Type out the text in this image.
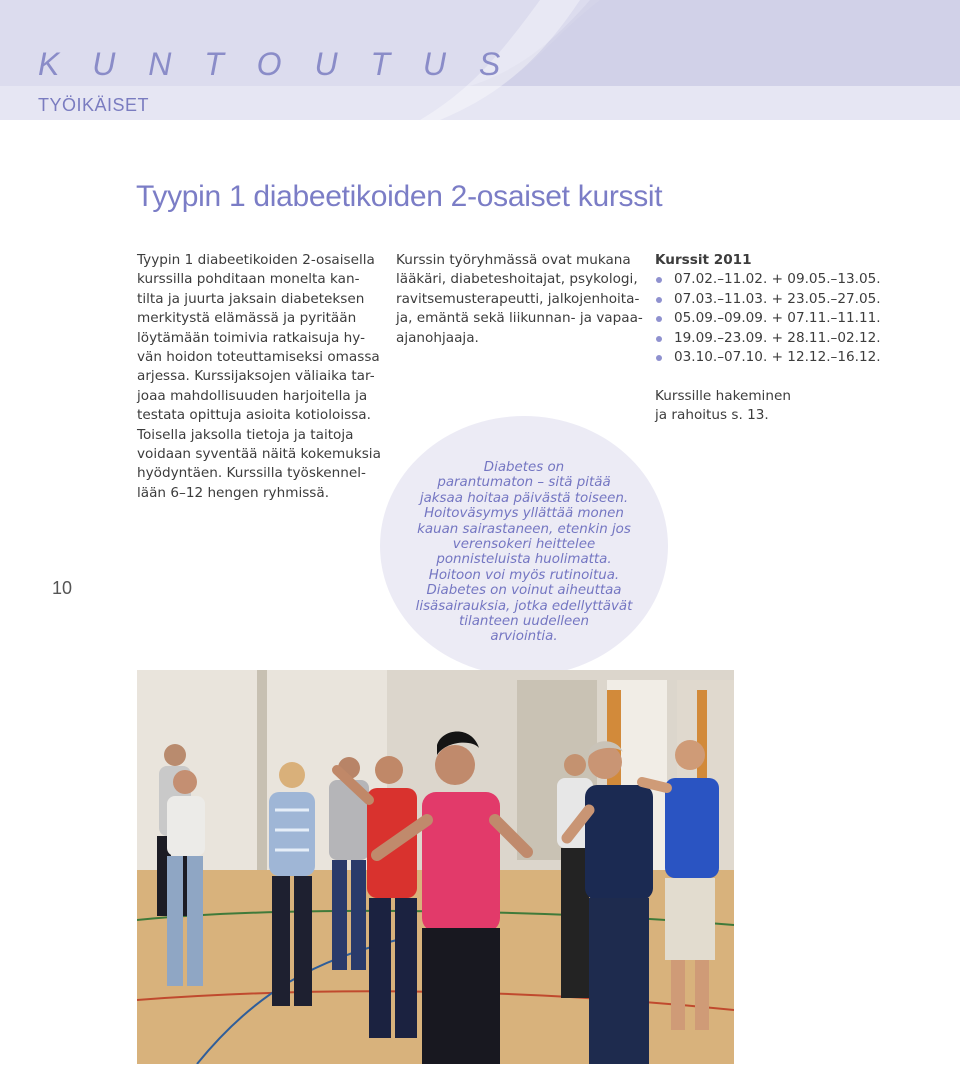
K U N T O U T U S
TYÖIKÄISET
Tyypin 1 diabeetikoiden 2-osaiset kurssit
Tyypin 1 diabeetikoiden 2-osaisella
kurssilla pohditaan monelta kan-
tilta ja juurta jaksain diabeteksen
merkitystä elämässä ja pyritään
löytämään toimivia ratkaisuja hy-
vän hoidon toteuttamiseksi omassa
arjessa. Kurssijaksojen väliaika tar-
joaa mahdollisuuden harjoitella ja
testata opittuja asioita kotioloissa.
Toisella jaksolla tietoja ja taitoja
voidaan syventää näitä kokemuksia
hyödyntäen. Kurssilla työskennel-
lään 6–12 hengen ryhmissä.
Kurssin työryhmässä ovat mukana
lääkäri, diabeteshoitajat, psykologi,
ravitsemusterapeutti, jalkojenhoita-
ja, emäntä sekä liikunnan- ja vapaa-
ajanohjaaja.
Kurssit 2011
07.02.–11.02. + 09.05.–13.05.
07.03.–11.03. + 23.05.–27.05.
05.09.–09.09. + 07.11.–11.11.
19.09.–23.09. + 28.11.–02.12.
03.10.–07.10. + 12.12.–16.12.
Kurssille hakeminen
ja rahoitus s. 13.
10
Diabetes on
parantumaton – sitä pitää
jaksaa hoitaa päivästä toiseen.
Hoitoväsymys yllättää monen
kauan sairastaneen, etenkin jos
verensokeri heittelee
ponnisteluista huolimatta.
Hoitoon voi myös rutinoitua.
Diabetes on voinut aiheuttaa
lisäsairauksia, jotka edellyttävät
tilanteen uudelleen
arviointia.
